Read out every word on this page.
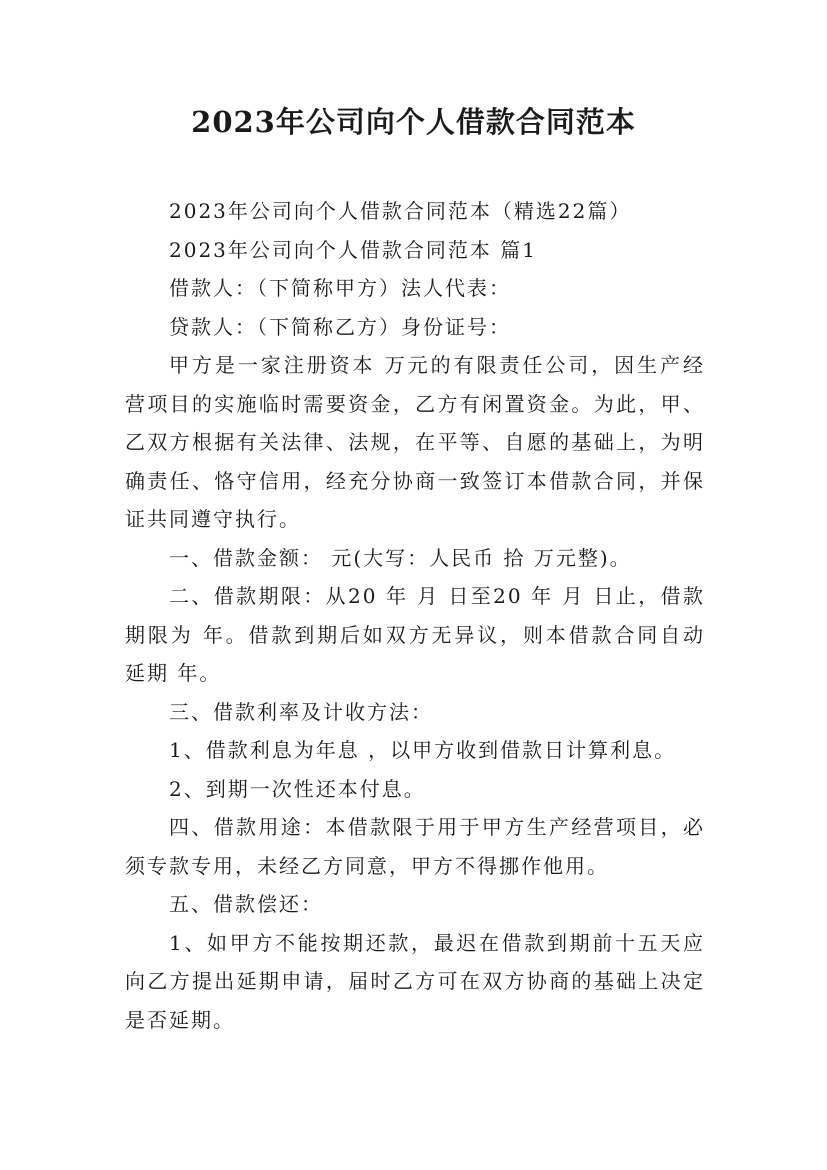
2023年公司向个人借款合同范本

2023年公司向个人借款合同范本（精选22篇）

2023年公司向个人借款合同范本 篇1

借款人：（下简称甲方）法人代表：

贷款人：（下简称乙方）身份证号：

甲方是一家注册资本 万元的有限责任公司，因生产经营项目的实施临时需要资金，乙方有闲置资金。为此，甲、乙双方根据有关法律、法规，在平等、自愿的基础上，为明确责任、恪守信用，经充分协商一致签订本借款合同，并保证共同遵守执行。

一、借款金额： 元(大写：人民币 拾 万元整)。

二、借款期限：从20 年 月 日至20 年 月 日止，借款期限为 年。借款到期后如双方无异议，则本借款合同自动延期 年。

三、借款利率及计收方法：

1、借款利息为年息 ，以甲方收到借款日计算利息。

2、到期一次性还本付息。

四、借款用途：本借款限于用于甲方生产经营项目，必须专款专用，未经乙方同意，甲方不得挪作他用。

五、借款偿还：

1、如甲方不能按期还款，最迟在借款到期前十五天应向乙方提出延期申请，届时乙方可在双方协商的基础上决定是否延期。
